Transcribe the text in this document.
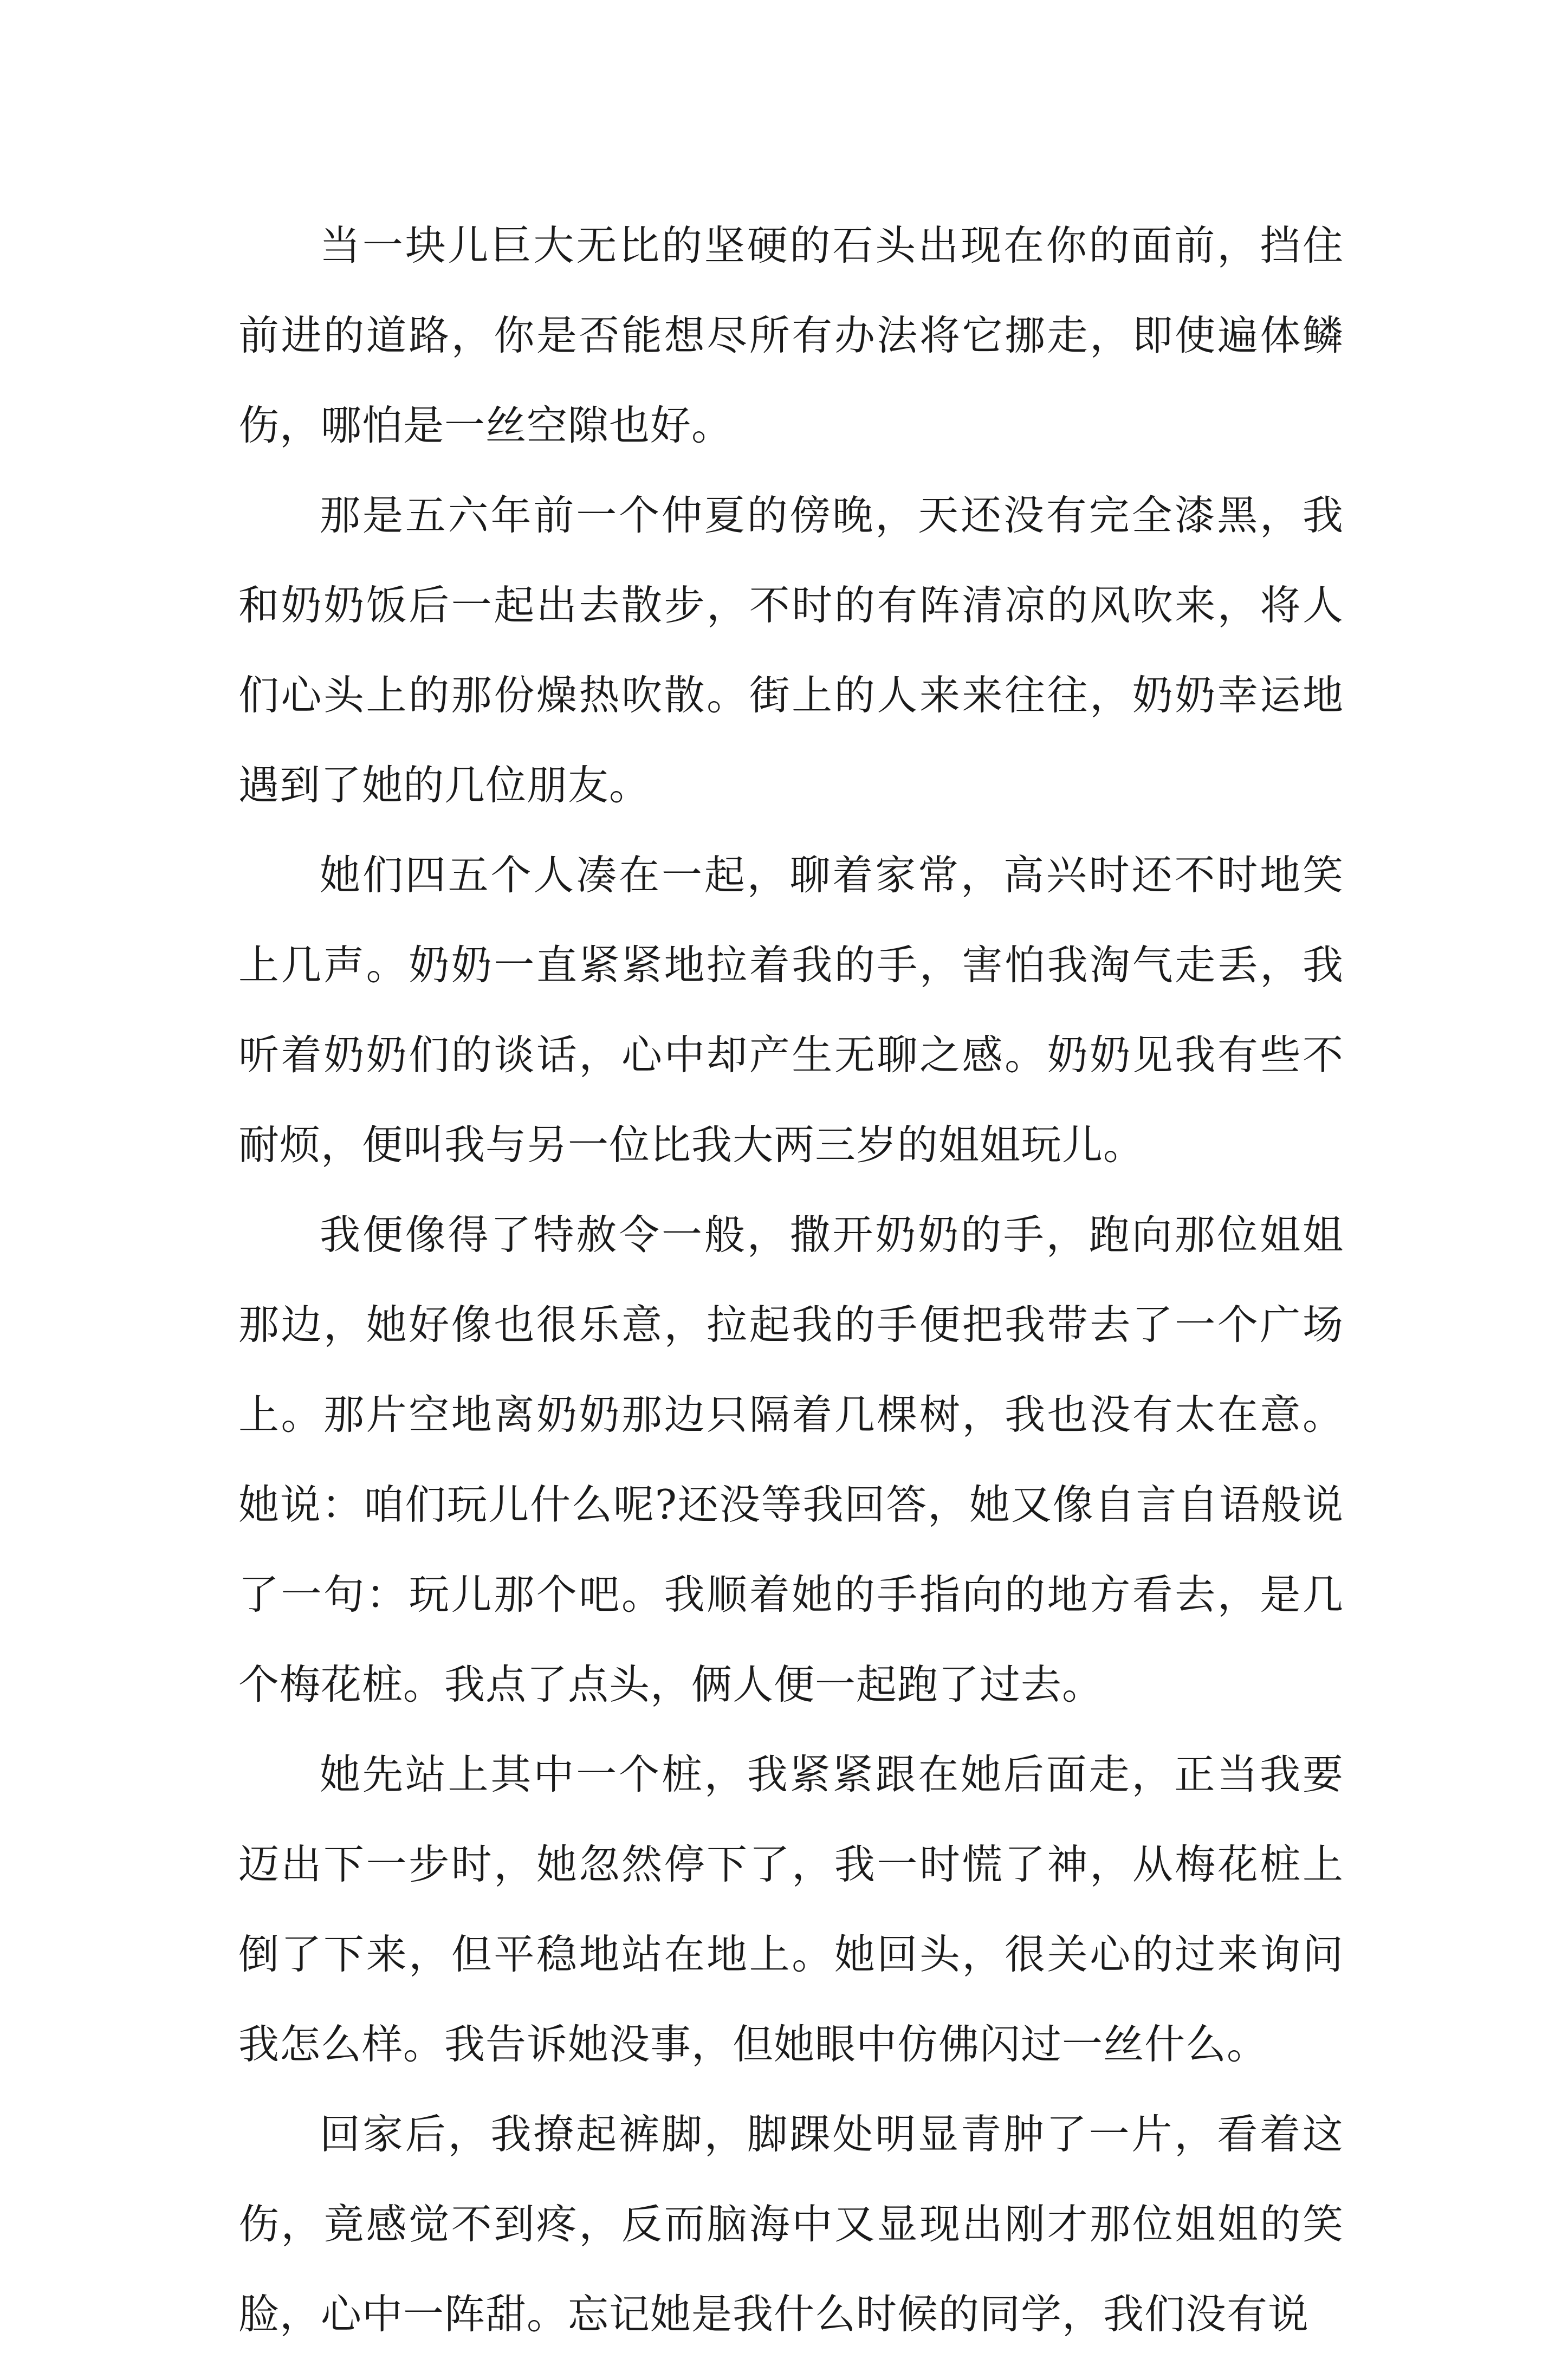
当一块儿巨大无比的坚硬的石头出现在你的面前，挡住前进的道路，你是否能想尽所有办法将它挪走，即使遍体鳞伤，哪怕是一丝空隙也好。

那是五六年前一个仲夏的傍晚，天还没有完全漆黑，我和奶奶饭后一起出去散步，不时的有阵清凉的风吹来，将人们心头上的那份燥热吹散。街上的人来来往往，奶奶幸运地遇到了她的几位朋友。

她们四五个人凑在一起，聊着家常，高兴时还不时地笑上几声。奶奶一直紧紧地拉着我的手，害怕我淘气走丢，我听着奶奶们的谈话，心中却产生无聊之感。奶奶见我有些不耐烦，便叫我与另一位比我大两三岁的姐姐玩儿。

我便像得了特赦令一般，撒开奶奶的手，跑向那位姐姐那边，她好像也很乐意，拉起我的手便把我带去了一个广场上。那片空地离奶奶那边只隔着几棵树，我也没有太在意。她说：咱们玩儿什么呢?还没等我回答，她又像自言自语般说了一句：玩儿那个吧。我顺着她的手指向的地方看去，是几个梅花桩。我点了点头，俩人便一起跑了过去。

她先站上其中一个桩，我紧紧跟在她后面走，正当我要迈出下一步时，她忽然停下了，我一时慌了神，从梅花桩上倒了下来，但平稳地站在地上。她回头，很关心的过来询问我怎么样。我告诉她没事，但她眼中仿佛闪过一丝什么。

回家后，我撩起裤脚，脚踝处明显青肿了一片，看着这伤，竟感觉不到疼，反而脑海中又显现出刚才那位姐姐的笑脸，心中一阵甜。忘记她是我什么时候的同学，我们没有说
